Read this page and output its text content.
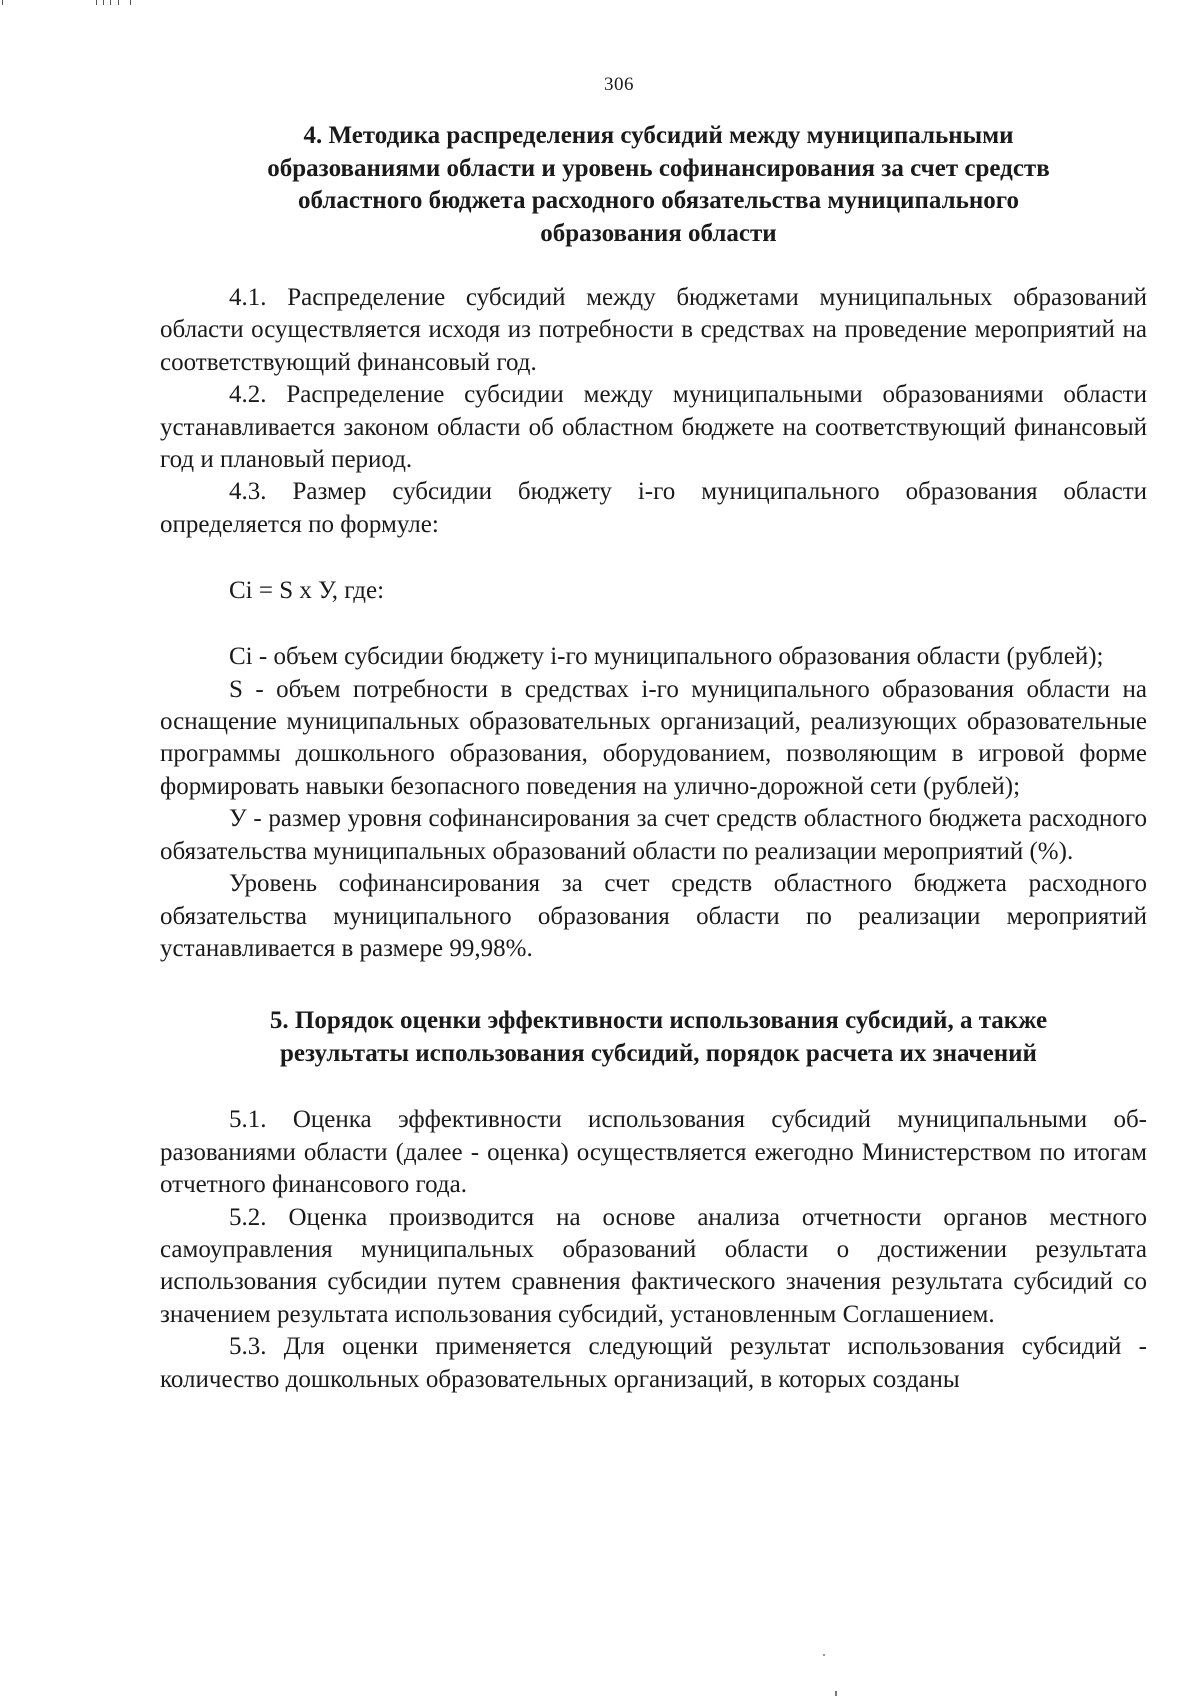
306
4. Методика распределения субсидий между муниципальными образованиями области и уровень софинансирования за счет средств областного бюджета расходного обязательства муниципального образования области

4.1. Распределение субсидий между бюджетами муниципальных образований области осуществляется исходя из потребности в средствах на проведение мероприятий на соответствующий финансовый год.

4.2. Распределение субсидии между муниципальными образованиями области устанавливается законом области об областном бюджете на соответствующий финансовый год и плановый период.

4.3. Размер субсидии бюджету i-го муниципального образования области определяется по формуле:

Ci = S x У, где:

Ci - объем субсидии бюджету i-го муниципального образования области (рублей);

S - объем потребности в средствах i-го муниципального образования области на оснащение муниципальных образовательных организаций, реализующих образовательные программы дошкольного образования, оборудованием, позволяющим в игровой форме формировать навыки безопасного поведения на улично-дорожной сети (рублей);

У - размер уровня софинансирования за счет средств областного бюджета расходного обязательства муниципальных образований области по реализации мероприятий (%).

Уровень софинансирования за счет средств областного бюджета расходного обязательства муниципального образования области по реализации мероприятий устанавливается в размере 99,98%.

5. Порядок оценки эффективности использования субсидий, а также результаты использования субсидий, порядок расчета их значений

5.1. Оценка эффективности использования субсидий муниципальными образованиями области (далее - оценка) осуществляется ежегодно Министерством по итогам отчетного финансового года.

5.2. Оценка производится на основе анализа отчетности органов местного самоуправления муниципальных образований области о достижении результата использования субсидии путем сравнения фактического значения результата субсидий со значением результата использования субсидий, установленным Соглашением.

5.3. Для оценки применяется следующий результат использования субсидий - количество дошкольных образовательных организаций, в которых созданы
